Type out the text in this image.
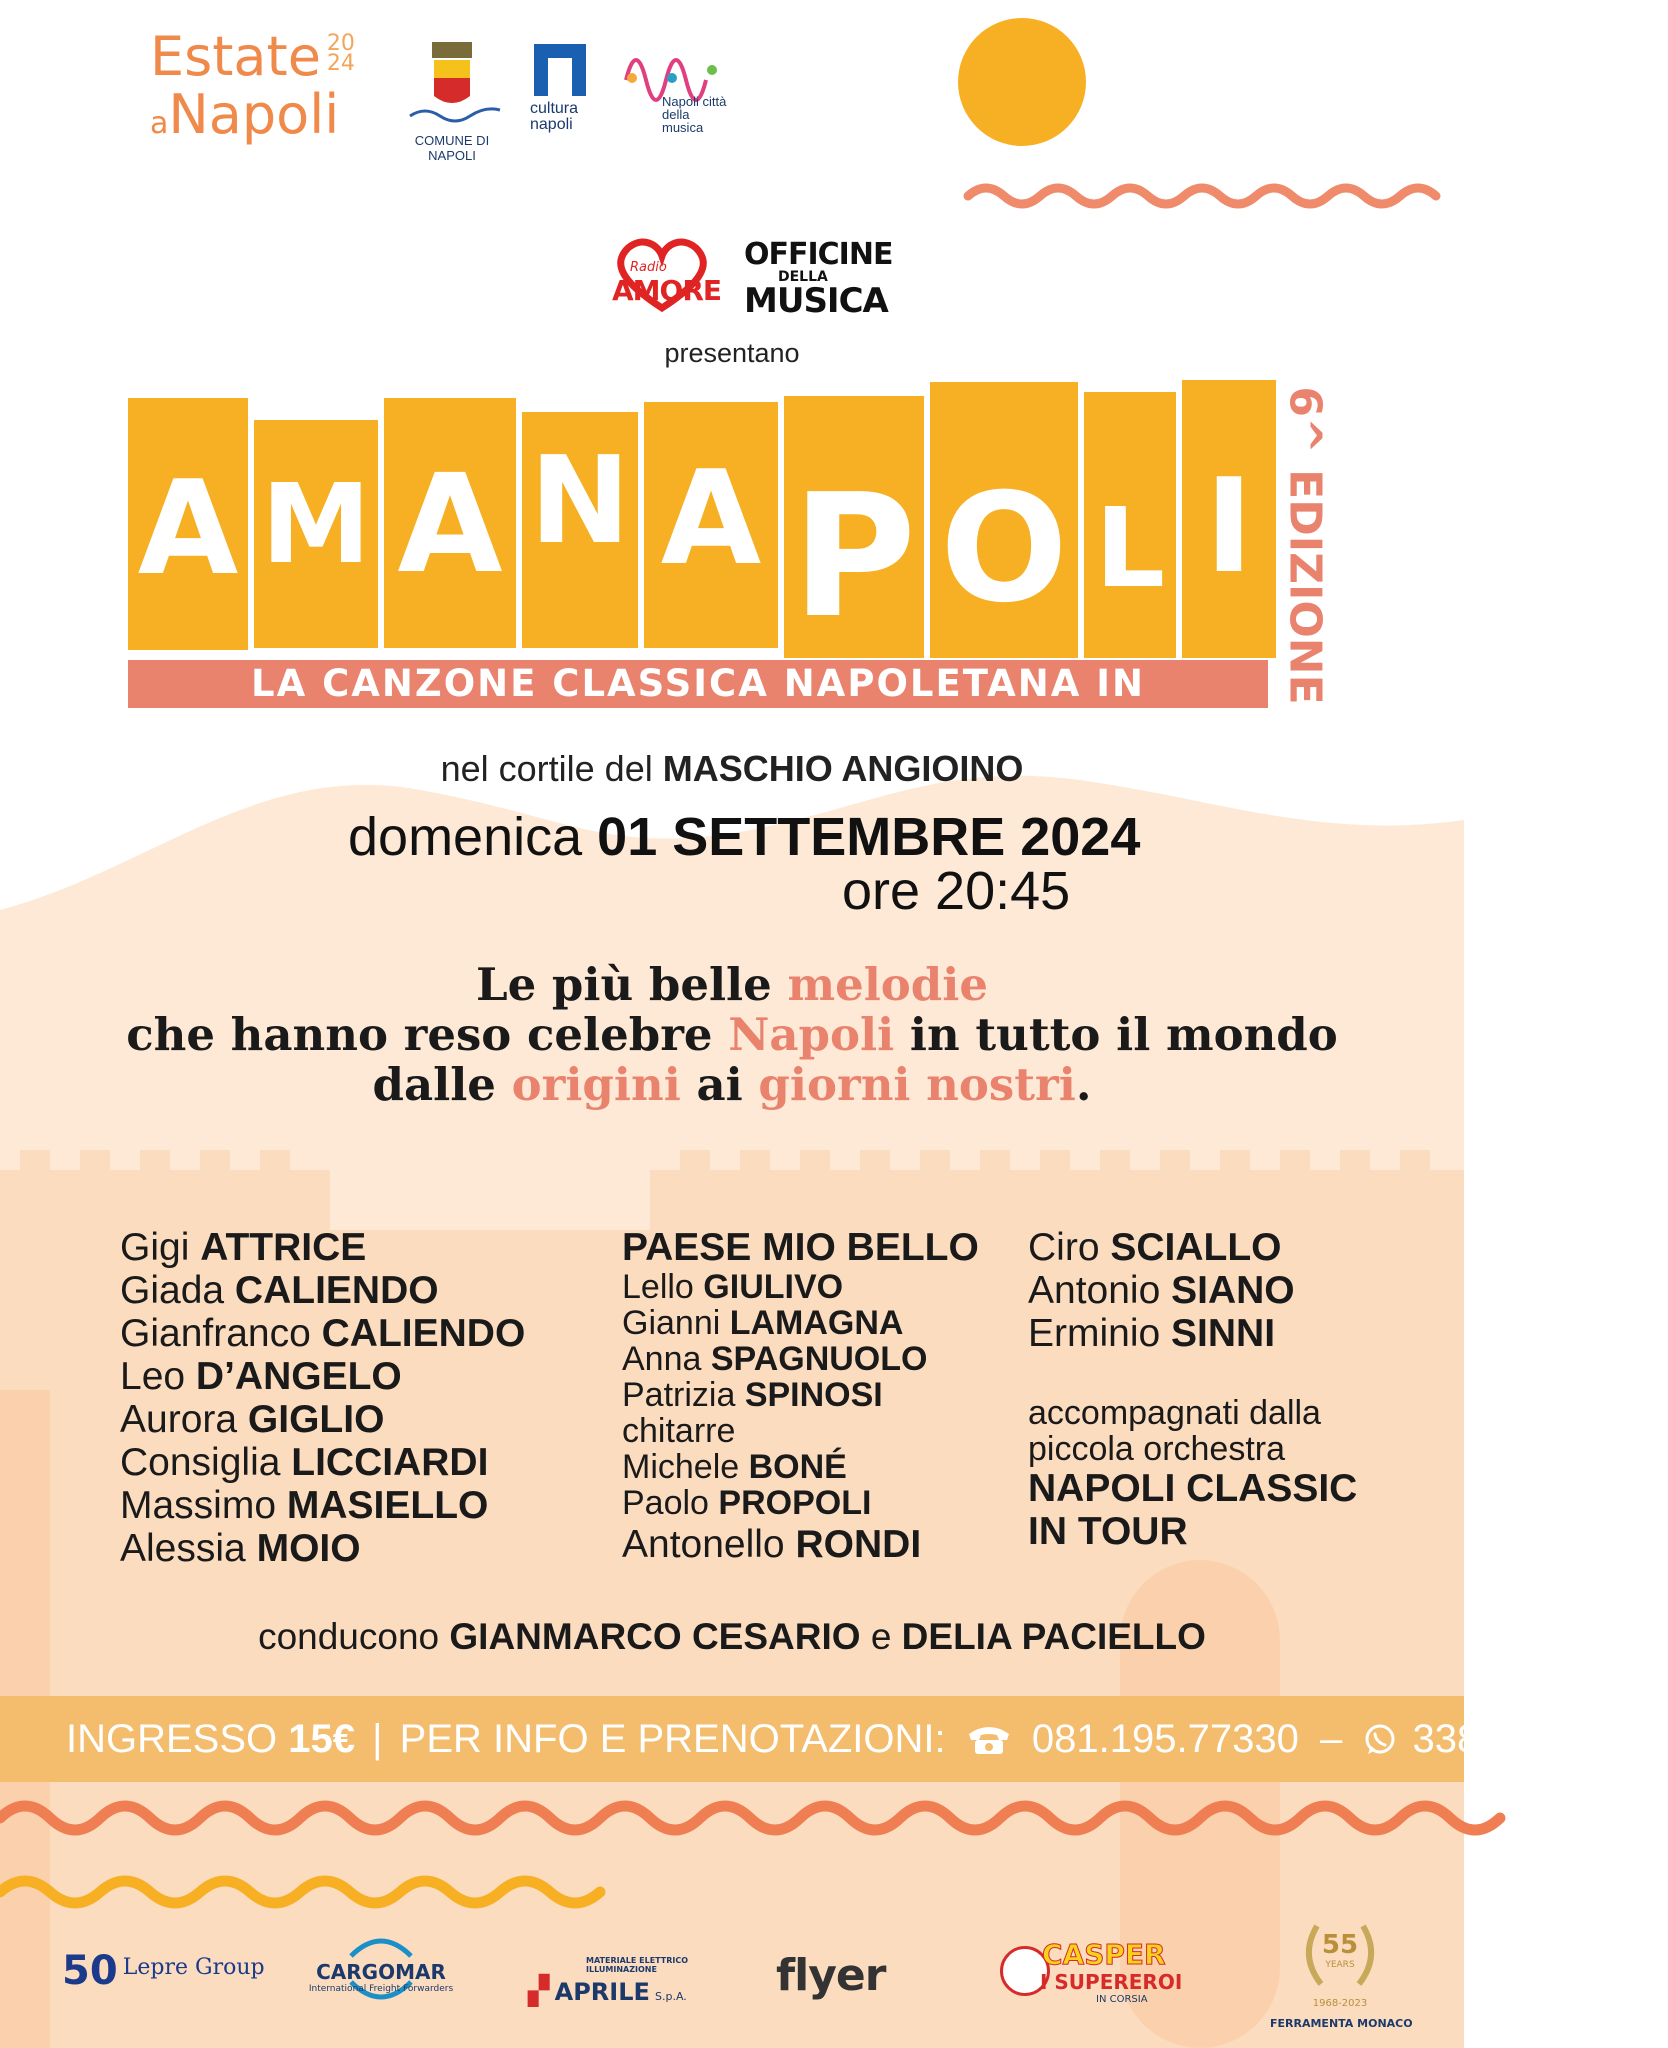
Estate 20
24
aNapoli	COMUNE DI NAPOLI
cultura
napoli
Napoli città
della musica
Radio
AMORE
OFFICINE
DELLA
MUSICA
presentano
A M A N A P O L I
LA CANZONE CLASSICA NAPOLETANA IN CONCERTO
6^ EDIZIONE
nel cortile del MASCHIO ANGIOINO
domenica 01 SETTEMBRE 2024
ore 20:45
Le più belle melodie
che hanno reso celebre Napoli in tutto il mondo
dalle origini ai giorni nostri.
Gigi ATTRICE
Giada CALIENDO
Gianfranco CALIENDO
Leo D’ANGELO
Aurora GIGLIO
Consiglia LICCIARDI
Massimo MASIELLO
Alessia MOIO
PAESE MIO BELLO
Lello GIULIVO
Gianni LAMAGNA
Anna SPAGNUOLO
Patrizia SPINOSI
chitarre
Michele BONÉ
Paolo PROPOLI
Antonello RONDI
Ciro SCIALLO
Antonio SIANO
Erminio SINNI
accompagnati dalla
piccola orchestra
NAPOLI CLASSIC
IN TOUR
conducono GIANMARCO CESARIO e DELIA PACIELLO
INGRESSO 15€ | PER INFO E PRENOTAZIONI: 081.195.77330 – 338.15.03.167
50 Lepre Group	CARGOMAR
International Freight Forwarders
MATERIALE ELETTRICO
ILLUMINAZIONE
▞ APRILE S.p.A. flyer	CASPER
I SUPEREROI
IN CORSIA
55
YEARS
1968-2023
FERRAMENTA MONACO
